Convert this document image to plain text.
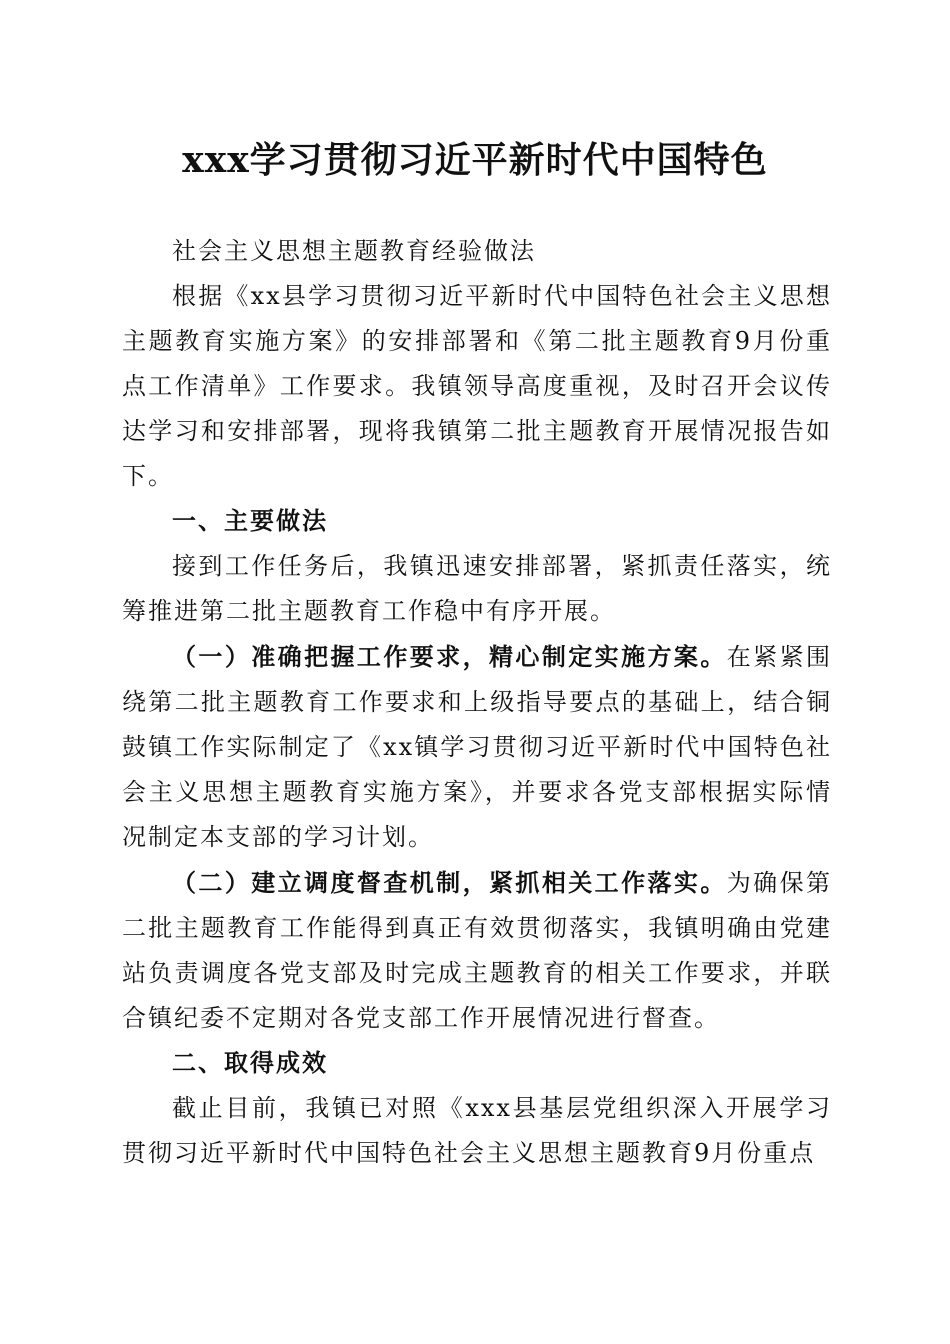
xxx学习贯彻习近平新时代中国特色

社会主义思想主题教育经验做法

根据《xx县学习贯彻习近平新时代中国特色社会主义思想主题教育实施方案》的安排部署和《第二批主题教育9月份重点工作清单》工作要求。我镇领导高度重视，及时召开会议传达学习和安排部署，现将我镇第二批主题教育开展情况报告如下。

一、主要做法

接到工作任务后，我镇迅速安排部署，紧抓责任落实，统筹推进第二批主题教育工作稳中有序开展。

（一）准确把握工作要求，精心制定实施方案。在紧紧围绕第二批主题教育工作要求和上级指导要点的基础上，结合铜鼓镇工作实际制定了《xx镇学习贯彻习近平新时代中国特色社会主义思想主题教育实施方案》，并要求各党支部根据实际情况制定本支部的学习计划。

（二）建立调度督查机制，紧抓相关工作落实。为确保第二批主题教育工作能得到真正有效贯彻落实，我镇明确由党建站负责调度各党支部及时完成主题教育的相关工作要求，并联合镇纪委不定期对各党支部工作开展情况进行督查。

二、取得成效

截止目前，我镇已对照《xxx县基层党组织深入开展学习贯彻习近平新时代中国特色社会主义思想主题教育9月份重点
